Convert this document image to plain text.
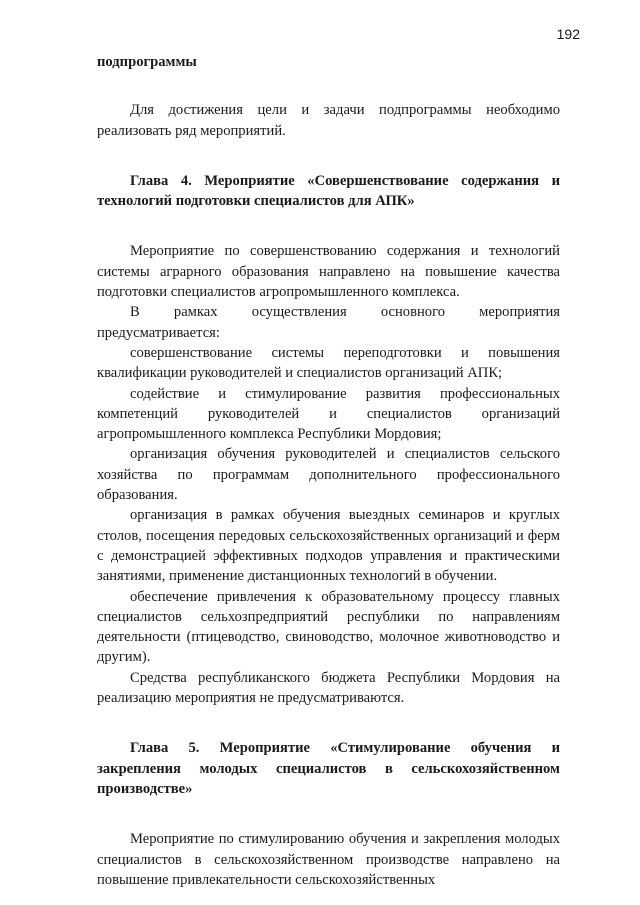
192

подпрограммы

Для достижения цели и задачи подпрограммы необходимо реализовать ряд мероприятий.

Глава 4. Мероприятие «Совершенствование содержания и технологий подготовки специалистов для АПК»

Мероприятие по совершенствованию содержания и технологий системы аграрного образования направлено на повышение качества подготовки специалистов агропромышленного комплекса.

В рамках осуществления основного мероприятия предусматривается:

совершенствование системы переподготовки и повышения квалификации руководителей и специалистов организаций АПК;

содействие и стимулирование развития профессиональных компетенций руководителей и специалистов организаций агропромышленного комплекса Республики Мордовия;

организация обучения руководителей и специалистов сельского хозяйства по программам дополнительного профессионального образования.

организация в рамках обучения выездных семинаров и круглых столов, посещения передовых сельскохозяйственных организаций и ферм с демонстрацией эффективных подходов управления и практическими занятиями, применение дистанционных технологий в обучении.

обеспечение привлечения к образовательному процессу главных специалистов сельхозпредприятий республики по направлениям деятельности (птицеводство, свиноводство, молочное животноводство и другим).

Средства республиканского бюджета Республики Мордовия на реализацию мероприятия не предусматриваются.

Глава 5. Мероприятие «Стимулирование обучения и закрепления молодых специалистов в сельскохозяйственном производстве»

Мероприятие по стимулированию обучения и закрепления молодых специалистов в сельскохозяйственном производстве направлено на повышение привлекательности сельскохозяйственных
